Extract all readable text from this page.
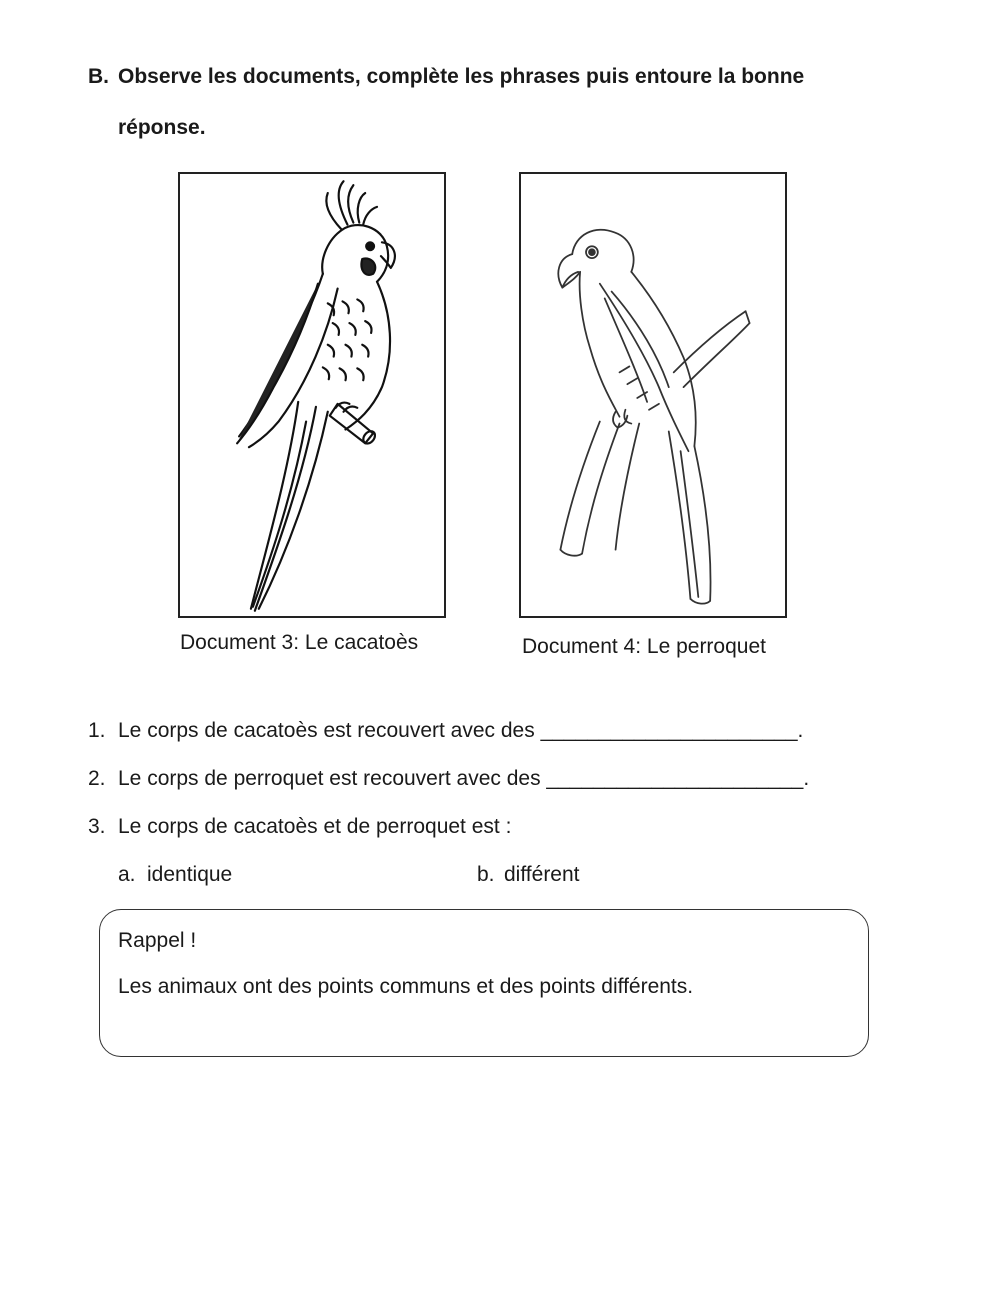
B. Observe les documents, complète les phrases puis entoure la bonne
réponse.
Document 3: Le cacatoès	Document 4: Le perroquet
1. Le corps de cacatoès est recouvert avec des ______________________.
2. Le corps de perroquet est recouvert avec des ______________________.
3. Le corps de cacatoès et de perroquet est :
a. identique	b. différent
Rappel !
Les animaux ont des points communs et des points différents.
